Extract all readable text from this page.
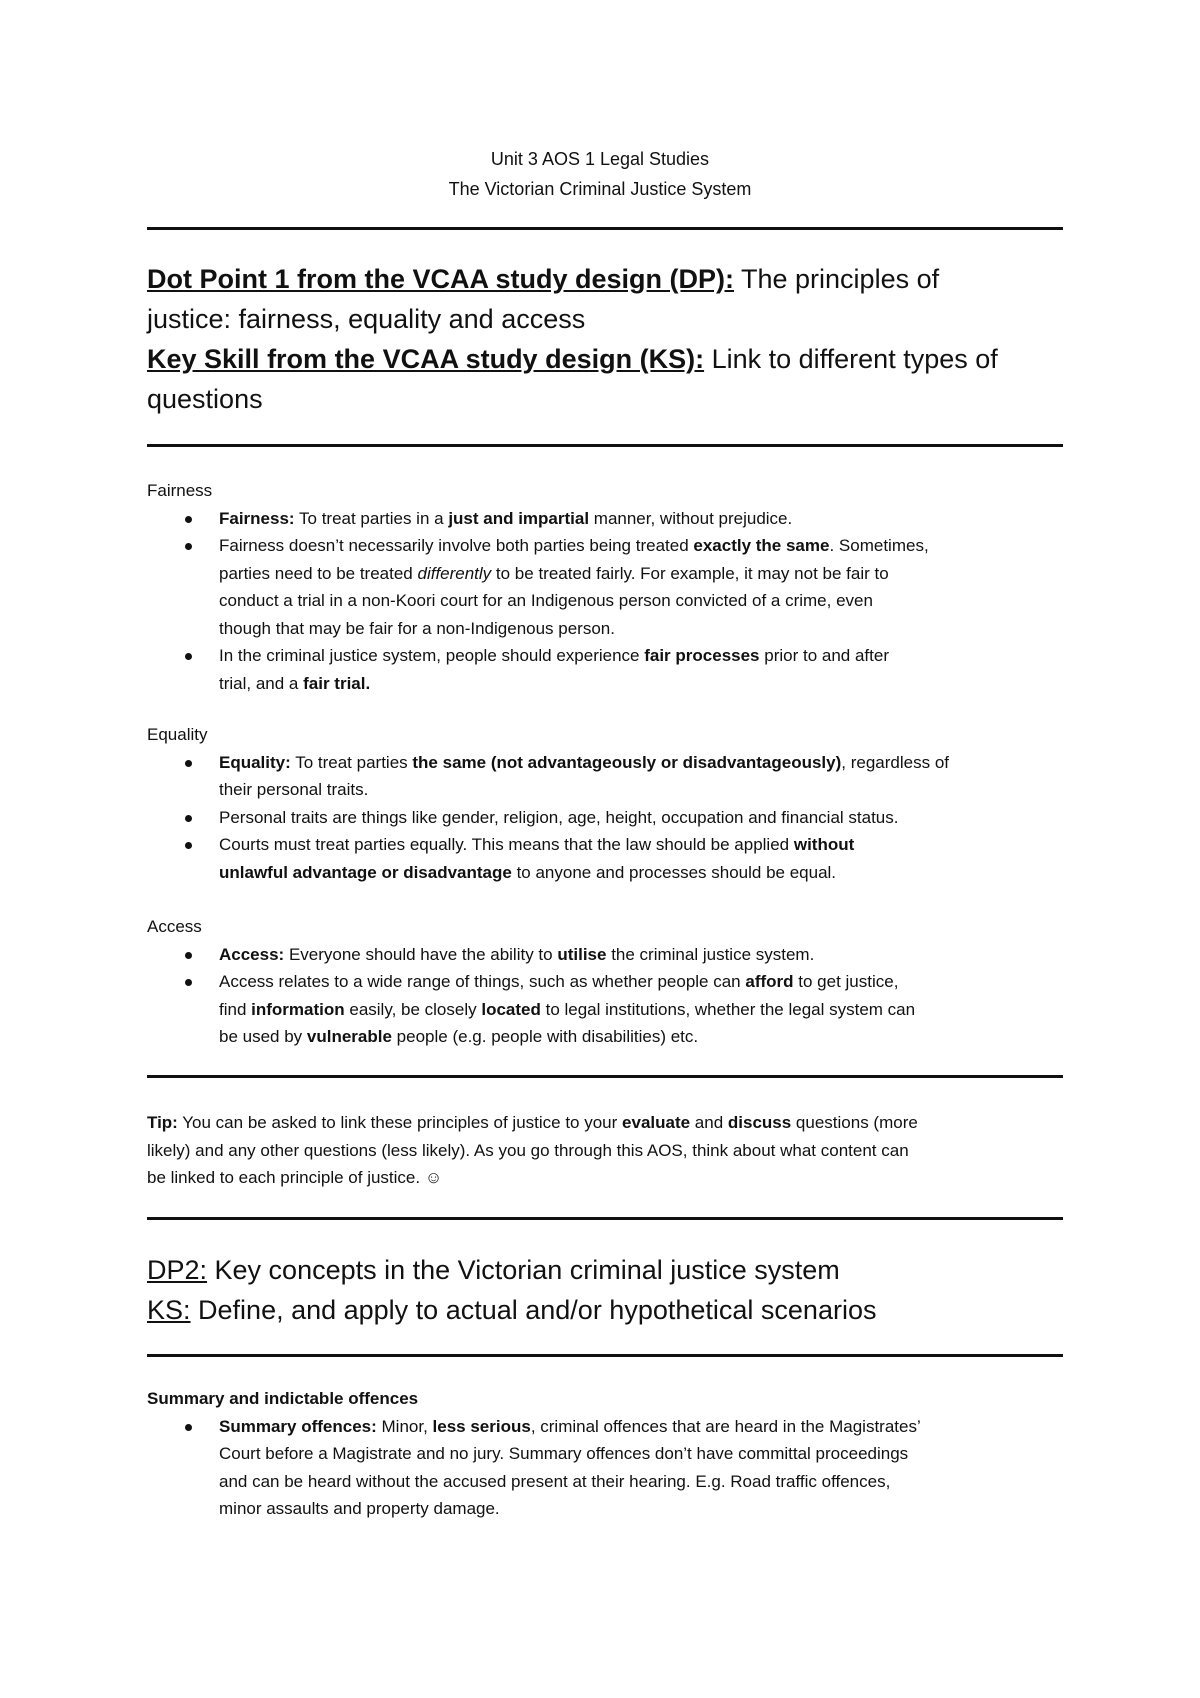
Unit 3 AOS 1 Legal Studies
The Victorian Criminal Justice System
Dot Point 1 from the VCAA study design (DP): The principles of
justice: fairness, equality and access
Key Skill from the VCAA study design (KS): Link to different types of
questions
Fairness
Fairness: To treat parties in a just and impartial manner, without prejudice.
Fairness doesn’t necessarily involve both parties being treated exactly the same. Sometimes,
parties need to be treated differently to be treated fairly. For example, it may not be fair to
conduct a trial in a non-Koori court for an Indigenous person convicted of a crime, even
though that may be fair for a non-Indigenous person.
In the criminal justice system, people should experience fair processes prior to and after
trial, and a fair trial.
Equality
Equality: To treat parties the same (not advantageously or disadvantageously), regardless of
their personal traits.
Personal traits are things like gender, religion, age, height, occupation and financial status.
Courts must treat parties equally. This means that the law should be applied without
unlawful advantage or disadvantage to anyone and processes should be equal.
Access
Access: Everyone should have the ability to utilise the criminal justice system.
Access relates to a wide range of things, such as whether people can afford to get justice,
find information easily, be closely located to legal institutions, whether the legal system can
be used by vulnerable people (e.g. people with disabilities) etc.
Tip: You can be asked to link these principles of justice to your evaluate and discuss questions (more
likely) and any other questions (less likely). As you go through this AOS, think about what content can
be linked to each principle of justice. ☺
DP2: Key concepts in the Victorian criminal justice system
KS: Define, and apply to actual and/or hypothetical scenarios
Summary and indictable offences
Summary offences: Minor, less serious, criminal offences that are heard in the Magistrates’
Court before a Magistrate and no jury. Summary offences don’t have committal proceedings
and can be heard without the accused present at their hearing. E.g. Road traffic offences,
minor assaults and property damage.
